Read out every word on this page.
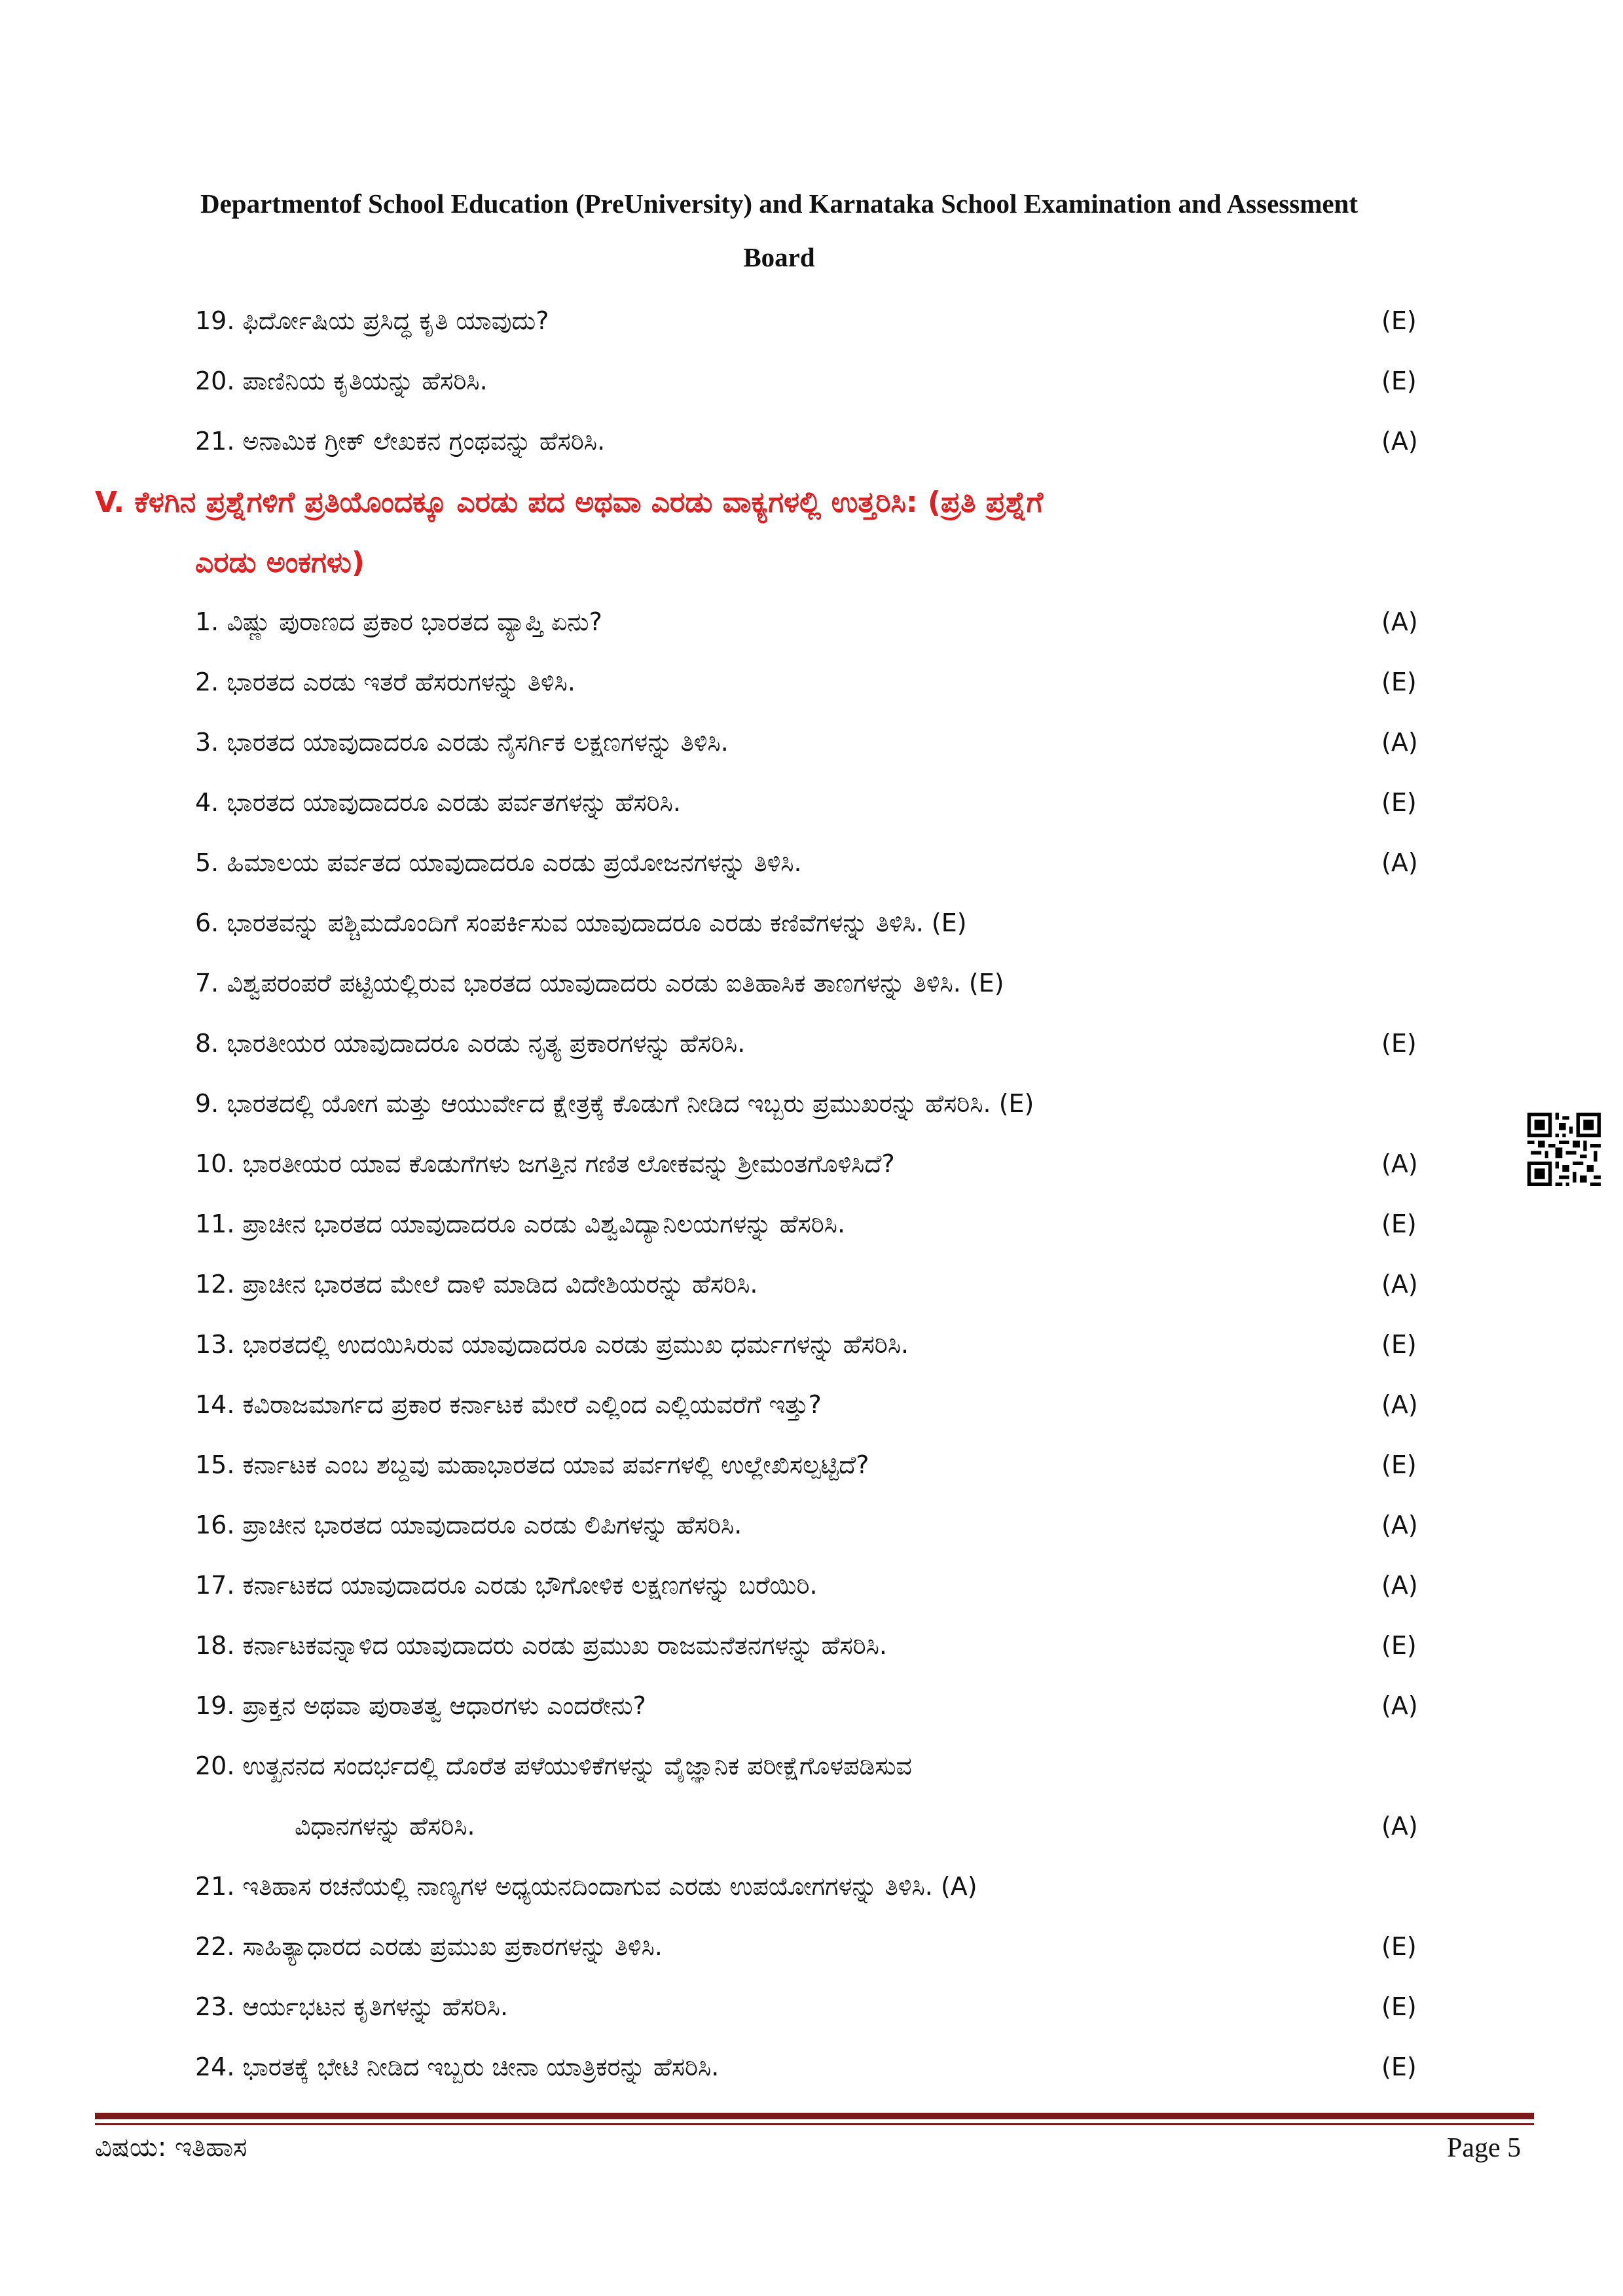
Departmentof School Education (PreUniversity) and Karnataka School Examination and Assessment
Board
19. ಫಿರ್ದೋಷಿಯ ಪ್ರಸಿದ್ಧ ಕೃತಿ ಯಾವುದು?	(E)
20. ಪಾಣಿನಿಯ ಕೃತಿಯನ್ನು ಹೆಸರಿಸಿ.	(E)
21. ಅನಾಮಿಕ ಗ್ರೀಕ್ ಲೇಖಕನ ಗ್ರಂಥವನ್ನು ಹೆಸರಿಸಿ.	(A)
V. ಕೆಳಗಿನ ಪ್ರಶ್ನೆಗಳಿಗೆ ಪ್ರತಿಯೊಂದಕ್ಕೂ ಎರಡು ಪದ ಅಥವಾ ಎರಡು ವಾಕ್ಯಗಳಲ್ಲಿ ಉತ್ತರಿಸಿ: (ಪ್ರತಿ ಪ್ರಶ್ನೆಗೆ
ಎರಡು ಅಂಕಗಳು)
1. ವಿಷ್ಣು ಪುರಾಣದ ಪ್ರಕಾರ ಭಾರತದ ವ್ಯಾಪ್ತಿ ಏನು?	(A)
2. ಭಾರತದ ಎರಡು ಇತರೆ ಹೆಸರುಗಳನ್ನು ತಿಳಿಸಿ.	(E)
3. ಭಾರತದ ಯಾವುದಾದರೂ ಎರಡು ನೈಸರ್ಗಿಕ ಲಕ್ಷಣಗಳನ್ನು ತಿಳಿಸಿ.	(A)
4. ಭಾರತದ ಯಾವುದಾದರೂ ಎರಡು ಪರ್ವತಗಳನ್ನು ಹೆಸರಿಸಿ.	(E)
5. ಹಿಮಾಲಯ ಪರ್ವತದ ಯಾವುದಾದರೂ ಎರಡು ಪ್ರಯೋಜನಗಳನ್ನು ತಿಳಿಸಿ.	(A)
6. ಭಾರತವನ್ನು ಪಶ್ಚಿಮದೊಂದಿಗೆ ಸಂಪರ್ಕಿಸುವ ಯಾವುದಾದರೂ ಎರಡು ಕಣಿವೆಗಳನ್ನು ತಿಳಿಸಿ. (E)
7. ವಿಶ್ವಪರಂಪರೆ ಪಟ್ಟಿಯಲ್ಲಿರುವ ಭಾರತದ ಯಾವುದಾದರು ಎರಡು ಐತಿಹಾಸಿಕ ತಾಣಗಳನ್ನು ತಿಳಿಸಿ. (E)
8. ಭಾರತೀಯರ ಯಾವುದಾದರೂ ಎರಡು ನೃತ್ಯ ಪ್ರಕಾರಗಳನ್ನು ಹೆಸರಿಸಿ.	(E)
9. ಭಾರತದಲ್ಲಿ ಯೋಗ ಮತ್ತು ಆಯುರ್ವೇದ ಕ್ಷೇತ್ರಕ್ಕೆ ಕೊಡುಗೆ ನೀಡಿದ ಇಬ್ಬರು ಪ್ರಮುಖರನ್ನು ಹೆಸರಿಸಿ. (E)
10. ಭಾರತೀಯರ ಯಾವ ಕೊಡುಗೆಗಳು ಜಗತ್ತಿನ ಗಣಿತ ಲೋಕವನ್ನು ಶ್ರೀಮಂತಗೊಳಿಸಿದೆ?	(A)
11. ಪ್ರಾಚೀನ ಭಾರತದ ಯಾವುದಾದರೂ ಎರಡು ವಿಶ್ವವಿದ್ಯಾನಿಲಯಗಳನ್ನು ಹೆಸರಿಸಿ.	(E)
12. ಪ್ರಾಚೀನ ಭಾರತದ ಮೇಲೆ ದಾಳಿ ಮಾಡಿದ ವಿದೇಶಿಯರನ್ನು ಹೆಸರಿಸಿ.	(A)
13. ಭಾರತದಲ್ಲಿ ಉದಯಿಸಿರುವ ಯಾವುದಾದರೂ ಎರಡು ಪ್ರಮುಖ ಧರ್ಮಗಳನ್ನು ಹೆಸರಿಸಿ.	(E)
14. ಕವಿರಾಜಮಾರ್ಗದ ಪ್ರಕಾರ ಕರ್ನಾಟಕ ಮೇರೆ ಎಲ್ಲಿಂದ ಎಲ್ಲಿಯವರೆಗೆ ಇತ್ತು?	(A)
15. ಕರ್ನಾಟಕ ಎಂಬ ಶಬ್ದವು ಮಹಾಭಾರತದ ಯಾವ ಪರ್ವಗಳಲ್ಲಿ ಉಲ್ಲೇಖಿಸಲ್ಪಟ್ಟಿದೆ?	(E)
16. ಪ್ರಾಚೀನ ಭಾರತದ ಯಾವುದಾದರೂ ಎರಡು ಲಿಪಿಗಳನ್ನು ಹೆಸರಿಸಿ.	(A)
17. ಕರ್ನಾಟಕದ ಯಾವುದಾದರೂ ಎರಡು ಭೌಗೋಳಿಕ ಲಕ್ಷಣಗಳನ್ನು ಬರೆಯಿರಿ.	(A)
18. ಕರ್ನಾಟಕವನ್ನಾಳಿದ ಯಾವುದಾದರು ಎರಡು ಪ್ರಮುಖ ರಾಜಮನೆತನಗಳನ್ನು ಹೆಸರಿಸಿ.	(E)
19. ಪ್ರಾಕ್ತನ ಅಥವಾ ಪುರಾತತ್ವ ಆಧಾರಗಳು ಎಂದರೇನು?	(A)
20. ಉತ್ಖನನದ ಸಂದರ್ಭದಲ್ಲಿ ದೊರೆತ ಪಳೆಯುಳಿಕೆಗಳನ್ನು ವೈಜ್ಞಾನಿಕ ಪರೀಕ್ಷೆಗೊಳಪಡಿಸುವ
ವಿಧಾನಗಳನ್ನು ಹೆಸರಿಸಿ.	(A)
21. ಇತಿಹಾಸ ರಚನೆಯಲ್ಲಿ ನಾಣ್ಯಗಳ ಅಧ್ಯಯನದಿಂದಾಗುವ ಎರಡು ಉಪಯೋಗಗಳನ್ನು ತಿಳಿಸಿ. (A)
22. ಸಾಹಿತ್ಯಾಧಾರದ ಎರಡು ಪ್ರಮುಖ ಪ್ರಕಾರಗಳನ್ನು ತಿಳಿಸಿ.	(E)
23. ಆರ್ಯಭಟನ ಕೃತಿಗಳನ್ನು ಹೆಸರಿಸಿ.	(E)
24. ಭಾರತಕ್ಕೆ ಭೇಟಿ ನೀಡಿದ ಇಬ್ಬರು ಚೀನಾ ಯಾತ್ರಿಕರನ್ನು ಹೆಸರಿಸಿ.	(E)
ವಿಷಯ: ಇತಿಹಾಸ	Page 5
